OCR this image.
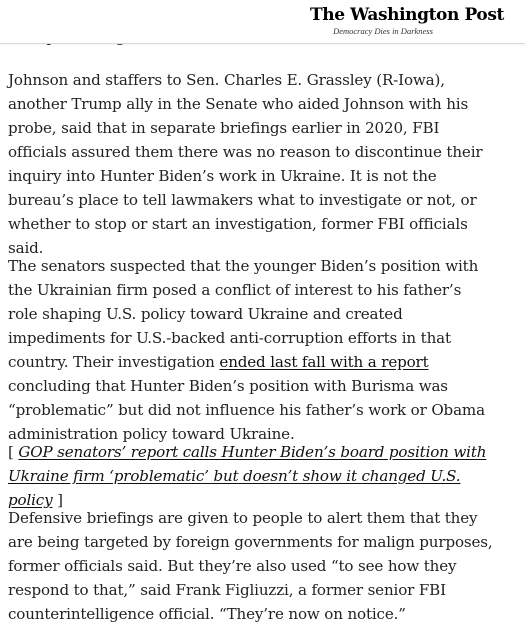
Johnson and staffers to Sen. Charles E. Grassley (R-Iowa), another Trump ally in the Senate who aided Johnson with his probe, said that in separate briefings earlier in 2020, FBI officials assured them there was no reason to discontinue their inquiry into Hunter Biden’s work in Ukraine. It is not the bureau’s place to tell lawmakers what to investigate or not, or whether to stop or start an investigation, former FBI officials said.

The senators suspected that the younger Biden’s position with the Ukrainian firm posed a conflict of interest to his father’s role shaping U.S. policy toward Ukraine and created impediments for U.S.-backed anti-corruption efforts in that country. Their investigation ended last fall with a report concluding that Hunter Biden’s position with Burisma was “problematic” but did not influence his father’s work or Obama administration policy toward Ukraine.

[ GOP senators’ report calls Hunter Biden’s board position with Ukraine firm ‘problematic’ but doesn’t show it changed U.S. policy ]

Defensive briefings are given to people to alert them that they are being targeted by foreign governments for malign purposes, former officials said. But they’re also used “to see how they respond to that,” said Frank Figliuzzi, a former senior FBI counterintelligence official. “They’re now on notice.”

The Washington Post
Democracy Dies in Darkness
